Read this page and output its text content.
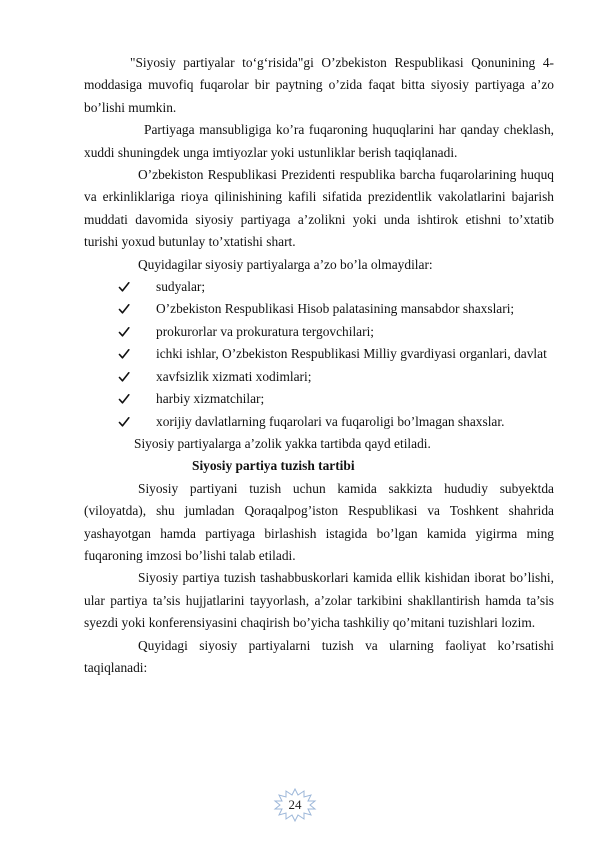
"Siyosiy partiyalar to‘g‘risida"gi O’zbekiston Respublikasi Qonunining 4-moddasiga muvofiq fuqarolar bir paytning o’zida faqat bitta siyosiy partiyaga a’zo bo’lishi mumkin.

Partiyaga mansubligiga ko’ra fuqaroning huquqlarini har qanday cheklash, xuddi shuningdek unga imtiyozlar yoki ustunliklar berish taqiqlanadi.

O’zbekiston Respublikasi Prezidenti respublika barcha fuqarolarining huquq va erkinliklariga rioya qilinishining kafili sifatida prezidentlik vakolatlarini bajarish muddati davomida siyosiy partiyaga a’zolikni yoki unda ishtirok etishni to’xtatib turishi yoxud butunlay to’xtatishi shart.

Quyidagilar siyosiy partiyalarga a’zo bo’la olmaydilar:

sudyalar;
O’zbekiston Respublikasi Hisob palatasining mansabdor shaxslari;
prokurorlar va prokuratura tergovchilari;
ichki ishlar, O’zbekiston Respublikasi Milliy gvardiyasi organlari, davlat
xavfsizlik xizmati xodimlari;
harbiy xizmatchilar;
xorijiy davlatlarning fuqarolari va fuqaroligi bo’lmagan shaxslar.

Siyosiy partiyalarga a’zolik yakka tartibda qayd etiladi.

Siyosiy partiya tuzish tartibi

Siyosiy partiyani tuzish uchun kamida sakkizta hududiy subyektda (viloyatda), shu jumladan Qoraqalpog’iston Respublikasi va Toshkent shahrida yashayotgan hamda partiyaga birlashish istagida bo’lgan kamida yigirma ming fuqaroning imzosi bo’lishi talab etiladi.

Siyosiy partiya tuzish tashabbuskorlari kamida ellik kishidan iborat bo’lishi, ular partiya ta’sis hujjatlarini tayyorlash, a’zolar tarkibini shakllantirish hamda ta’sis syezdi yoki konferensiyasini chaqirish bo’yicha tashkiliy qo’mitani tuzishlari lozim.

Quyidagi siyosiy partiyalarni tuzish va ularning faoliyat ko’rsatishi taqiqlanadi:

24
